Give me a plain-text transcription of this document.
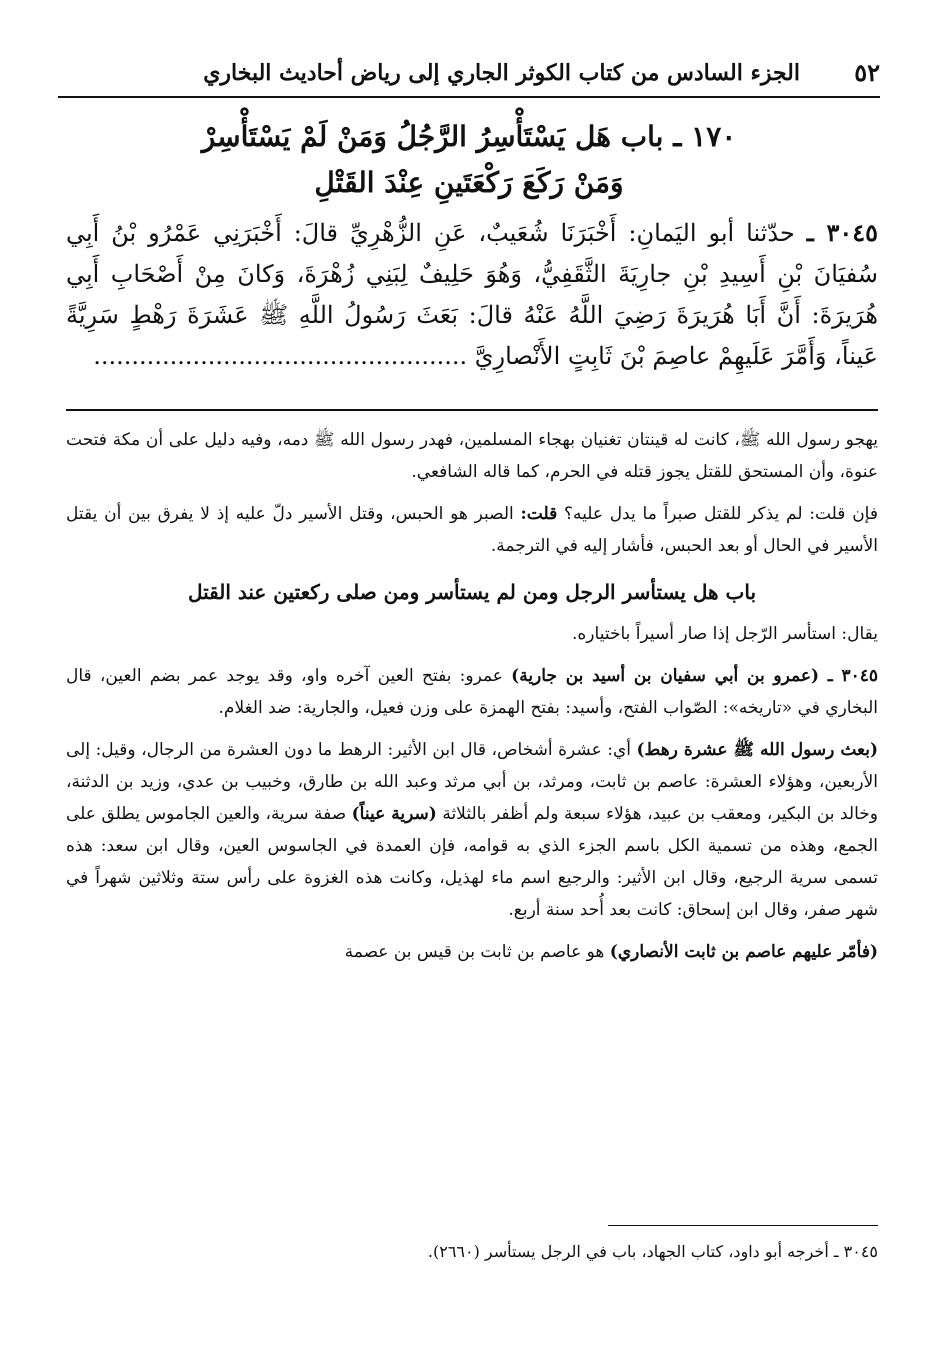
٥٢
الجزء السادس من كتاب الكوثر الجاري إلى رياض أحاديث البخاري
١٧٠ ـ باب هَل يَسْتَأْسِرُ الرَّجُلُ وَمَنْ لَمْ يَسْتَأْسِرْ
وَمَنْ رَكَعَ رَكْعَتَينِ عِنْدَ القَتْلِ

٣٠٤٥ ـ حدّثنا أبو اليَمانِ: أَخْبَرَنَا شُعَيبٌ، عَنِ الزُّهْرِيِّ قالَ: أَخْبَرَنِي عَمْرُو بْنُ أَبِي سُفيَانَ بْنِ أَسِيدِ بْنِ جارِيَةَ الثَّقَفِيُّ، وَهُوَ حَلِيفٌ لِبَنِي زُهْرَةَ، وَكانَ مِنْ أَصْحَابِ أَبِي هُرَيرَةَ: أَنَّ أَبَا هُرَيرَةَ رَضِيَ اللَّهُ عَنْهُ قالَ: بَعَثَ رَسُولُ اللَّهِ ﷺ عَشَرَةَ رَهْطٍ سَرِيَّةً عَيناً، وَأَمَّرَ عَلَيهِمْ عاصِمَ بْنَ ثَابِتٍ الأَنْصارِيَّ .................................................

يهجو رسول الله ﷺ، كانت له قينتان تغنيان بهجاء المسلمين، فهدر رسول الله ﷺ دمه، وفيه دليل على أن مكة فتحت عنوة، وأن المستحق للقتل يجوز قتله في الحرم، كما قاله الشافعي.

فإن قلت: لم يذكر للقتل صبراً ما يدل عليه؟ قلت: الصبر هو الحبس، وقتل الأسير دلّ عليه إذ لا يفرق بين أن يقتل الأسير في الحال أو بعد الحبس، فأشار إليه في الترجمة.

باب هل يستأسر الرجل ومن لم يستأسر ومن صلى ركعتين عند القتل

يقال: استأسر الرّجل إذا صار أسيراً باختياره.

٣٠٤٥ ـ (عمرو بن أبي سفيان بن أسيد بن جارية) عمرو: بفتح العين آخره واو، وقد يوجد عمر بضم العين، قال البخاري في «تاريخه»: الصّواب الفتح، وأسيد: بفتح الهمزة على وزن فعيل، والجارية: ضد الغلام.

(بعث رسول الله ﷺ عشرة رهط) أي: عشرة أشخاص، قال ابن الأثير: الرهط ما دون العشرة من الرجال، وقيل: إلى الأربعين، وهؤلاء العشرة: عاصم بن ثابت، ومرثد، بن أبي مرثد وعبد الله بن طارق، وخبيب بن عدي، وزيد بن الدثنة، وخالد بن البكير، ومعقب بن عبيد، هؤلاء سبعة ولم أظفر بالثلاثة (سرية عيناً) صفة سرية، والعين الجاموس يطلق على الجمع، وهذه من تسمية الكل باسم الجزء الذي به قوامه، فإن العمدة في الجاسوس العين، وقال ابن سعد: هذه تسمى سرية الرجيع، وقال ابن الأثير: والرجيع اسم ماء لهذيل، وكانت هذه الغزوة على رأس ستة وثلاثين شهراً في شهر صفر، وقال ابن إسحاق: كانت بعد أُحد سنة أربع.

(فأمّر عليهم عاصم بن ثابت الأنصاري) هو عاصم بن ثابت بن قيس بن عصمة

٣٠٤٥ ـ أخرجه أبو داود، كتاب الجهاد، باب في الرجل يستأسر (٢٦٦٠).
